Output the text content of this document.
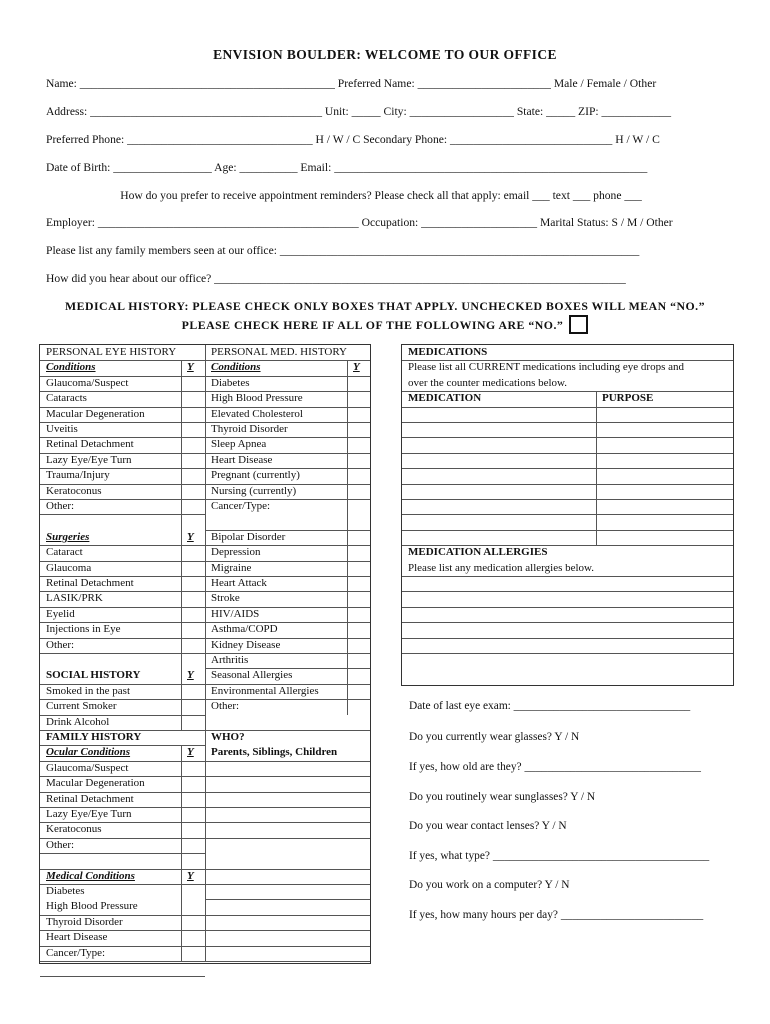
ENVISION BOULDER: WELCOME TO OUR OFFICE
Name: ____________________________________________ Preferred Name: _______________________ Male / Female / Other
Address: ________________________________________ Unit: _____ City: __________________ State: _____ ZIP: ____________
Preferred Phone: ________________________________ H / W / C Secondary Phone: ____________________________ H / W / C
Date of Birth: _________________ Age: __________ Email: ______________________________________________________
How do you prefer to receive appointment reminders? Please check all that apply: email ___ text ___ phone ___
Employer: _____________________________________________ Occupation: ____________________ Marital Status: S / M / Other
Please list any family members seen at our office: ______________________________________________________________
How did you hear about our office? _______________________________________________________________________
MEDICAL HISTORY: PLEASE CHECK ONLY BOXES THAT APPLY. UNCHECKED BOXES WILL MEAN “NO.”
PLEASE CHECK HERE IF ALL OF THE FOLLOWING ARE “NO.”
PERSONAL EYE HISTORY
Conditions	Y
Glaucoma/Suspect
Cataracts
Macular Degeneration
Uveitis
Retinal Detachment
Lazy Eye/Eye Turn
Trauma/Injury
Keratoconus
Other:
Surgeries	Y
Cataract
Glaucoma
Retinal Detachment
LASIK/PRK
Eyelid
Injections in Eye
Other:
SOCIAL HISTORY	Y
Smoked in the past
Current Smoker
Drink Alcohol
FAMILY HISTORY	WHO?
Ocular Conditions	Y	Parents, Siblings, Children
Glaucoma/Suspect
Macular Degeneration
Retinal Detachment
Lazy Eye/Eye Turn
Keratoconus
Other:
Medical Conditions	Y
Diabetes
High Blood Pressure
Thyroid Disorder
Heart Disease
Cancer/Type:
PERSONAL MED. HISTORY
Conditions	Y
Diabetes
High Blood Pressure
Elevated Cholesterol
Thyroid Disorder
Sleep Apnea
Heart Disease
Pregnant (currently)
Nursing (currently)
Cancer/Type:
Bipolar Disorder
Depression
Migraine
Heart Attack
Stroke
HIV/AIDS
Asthma/COPD
Kidney Disease
Arthritis
Seasonal Allergies
Environmental Allergies
Other:
MEDICATIONS
Please list all CURRENT medications including eye drops and
over the counter medications below.
MEDICATION	PURPOSE
MEDICATION ALLERGIES
Please list any medication allergies below.
Date of last eye exam: _______________________________
Do you currently wear glasses? Y / N
If yes, how old are they? _______________________________
Do you routinely wear sunglasses? Y / N
Do you wear contact lenses? Y / N
If yes, what type? ______________________________________
Do you work on a computer? Y / N
If yes, how many hours per day? _________________________
